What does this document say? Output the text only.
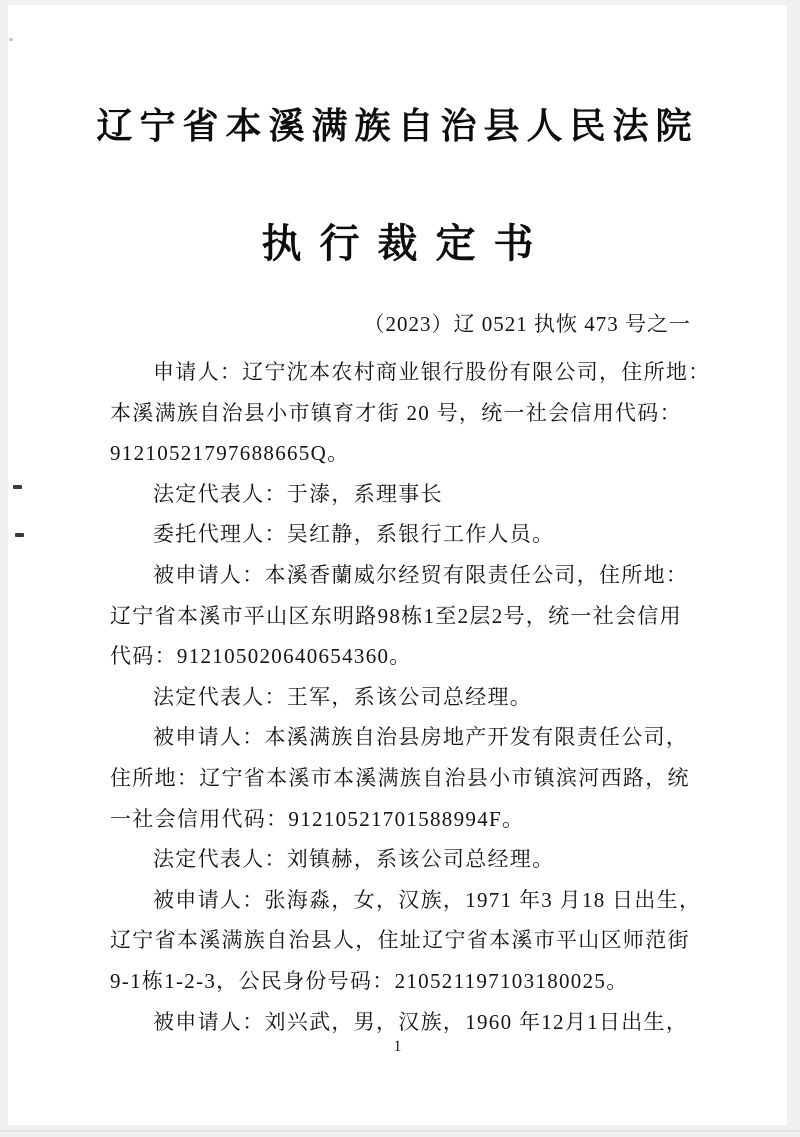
辽宁省本溪满族自治县人民法院
执行裁定书
（2023）辽 0521 执恢 473 号之一
申请人：辽宁沈本农村商业银行股份有限公司，住所地：
本溪满族自治县小市镇育才街 20 号，统一社会信用代码：
91210521797688665Q。
法定代表人：于溙，系理事长
委托代理人：吴红静，系银行工作人员。
被申请人：本溪香蘭威尔经贸有限责任公司，住所地：
辽宁省本溪市平山区东明路98栋1至2层2号，统一社会信用
代码：912105020640654360。
法定代表人：王军，系该公司总经理。
被申请人：本溪满族自治县房地产开发有限责任公司，
住所地：辽宁省本溪市本溪满族自治县小市镇滨河西路，统
一社会信用代码：91210521701588994F。
法定代表人：刘镇赫，系该公司总经理。
被申请人：张海淼，女，汉族，1971 年3 月18 日出生，
辽宁省本溪满族自治县人，住址辽宁省本溪市平山区师范街
9-1栋1-2-3，公民身份号码：210521197103180025。
被申请人：刘兴武，男，汉族，1960 年12月1日出生，
1
